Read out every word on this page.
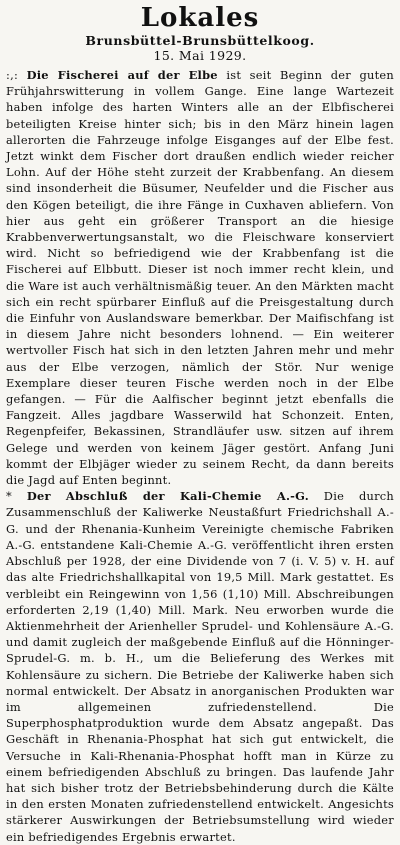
Lokales
Brunsbüttel-Brunsbüttelkoog.
15. Mai 1929.

:,: Die Fischerei auf der Elbe ist seit Beginn der guten Frühjahrswitterung in vollem Gange. Eine lange Wartezeit haben infolge des harten Winters alle an der Elbfischerei beteiligten Kreise hinter sich; bis in den März hinein lagen allerorten die Fahrzeuge infolge Eisganges auf der Elbe fest. Jetzt winkt dem Fischer dort draußen endlich wieder reicher Lohn. Auf der Höhe steht zurzeit der Krabbenfang. An diesem sind insonderheit die Büsumer, Neufelder und die Fischer aus den Kögen beteiligt, die ihre Fänge in Cuxhaven abliefern. Von hier aus geht ein größerer Transport an die hiesige Krabbenverwertungsanstalt, wo die Fleischware konserviert wird. Nicht so befriedigend wie der Krabbenfang ist die Fischerei auf Elbbutt. Dieser ist noch immer recht klein, und die Ware ist auch verhältnismäßig teuer. An den Märkten macht sich ein recht spürbarer Einfluß auf die Preisgestaltung durch die Einfuhr von Auslandsware bemerkbar. Der Maifischfang ist in diesem Jahre nicht besonders lohnend. — Ein weiterer wertvoller Fisch hat sich in den letzten Jahren mehr und mehr aus der Elbe verzogen, nämlich der Stör. Nur wenige Exemplare dieser teuren Fische werden noch in der Elbe gefangen. — Für die Aalfischer beginnt jetzt ebenfalls die Fangzeit. Alles jagdbare Wasserwild hat Schonzeit. Enten, Regenpfeifer, Bekassinen, Strandläufer usw. sitzen auf ihrem Gelege und werden von keinem Jäger gestört. Anfang Juni kommt der Elbjäger wieder zu seinem Recht, da dann bereits die Jagd auf Enten beginnt.

* Der Abschluß der Kali-Chemie A.-G. Die durch Zusammenschluß der Kaliwerke Neustaßfurt Friedrichshall A.-G. und der Rhenania-Kunheim Vereinigte chemische Fabriken A.-G. entstandene Kali-Chemie A.-G. veröffentlicht ihren ersten Abschluß per 1928, der eine Dividende von 7 (i. V. 5) v. H. auf das alte Friedrichshallkapital von 19,5 Mill. Mark gestattet. Es verbleibt ein Reingewinn von 1,56 (1,10) Mill. Abschreibungen erforderten 2,19 (1,40) Mill. Mark. Neu erworben wurde die Aktienmehrheit der Arienheller Sprudel- und Kohlensäure A.-G. und damit zugleich der maßgebende Einfluß auf die Hönninger-Sprudel-G. m. b. H., um die Belieferung des Werkes mit Kohlensäure zu sichern. Die Betriebe der Kaliwerke haben sich normal entwickelt. Der Absatz in anorganischen Produkten war im allgemeinen zufriedenstellend. Die Superphosphatproduktion wurde dem Absatz angepaßt. Das Geschäft in Rhenania-Phosphat hat sich gut entwickelt, die Versuche in Kali-Rhenania-Phosphat hofft man in Kürze zu einem befriedigenden Abschluß zu bringen. Das laufende Jahr hat sich bisher trotz der Betriebsbehinderung durch die Kälte in den ersten Monaten zufriedenstellend entwickelt. Angesichts stärkerer Auswirkungen der Betriebsumstellung wird wieder ein befriedigendes Ergebnis erwartet.
